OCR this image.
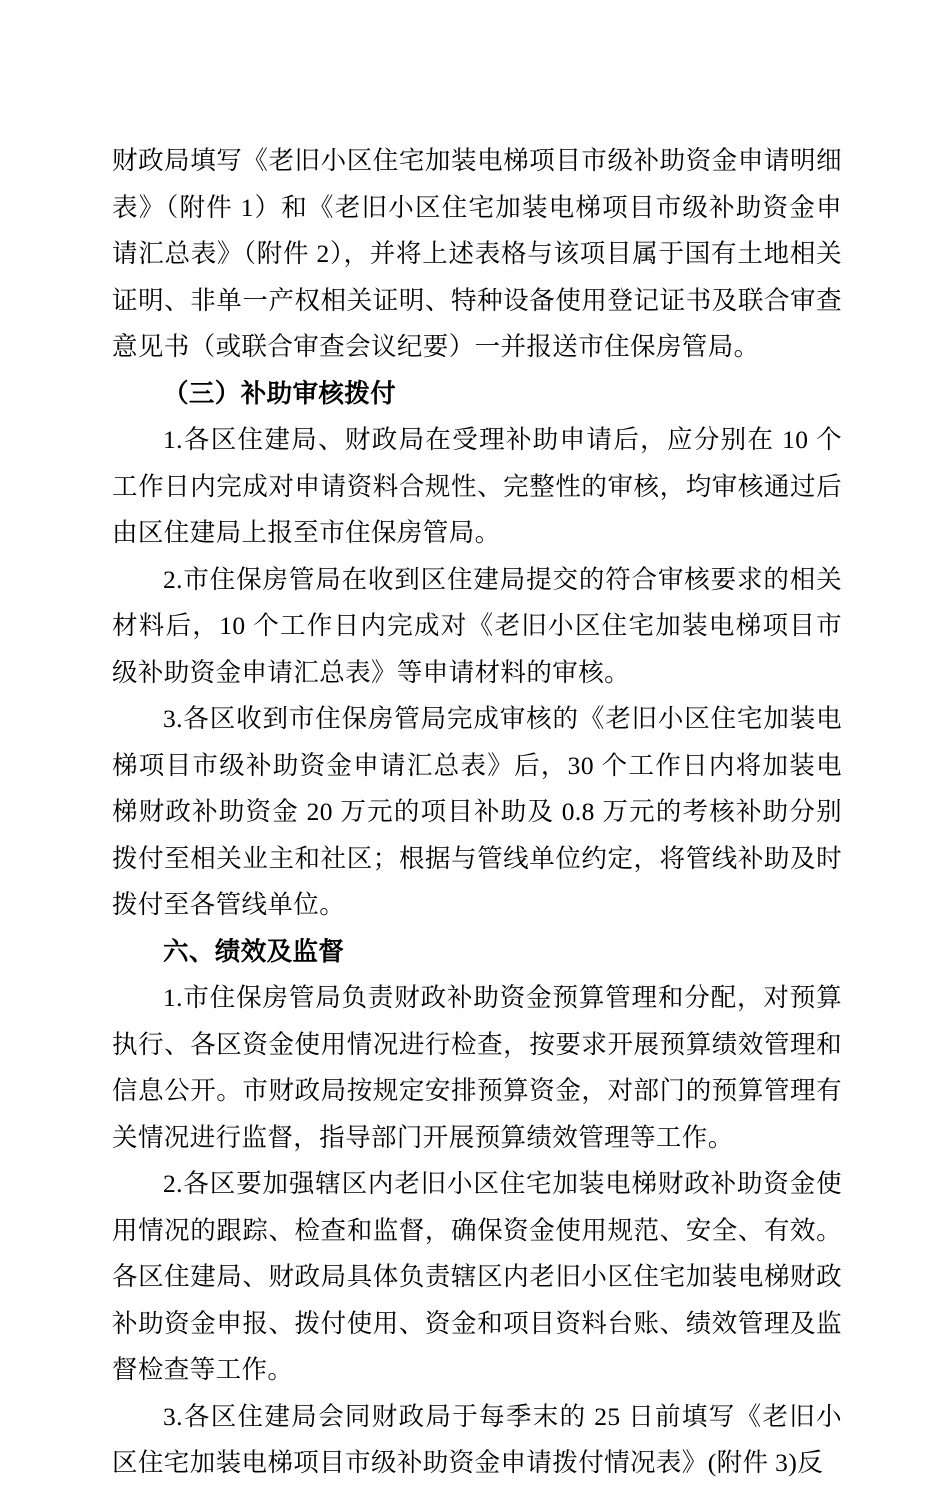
财政局填写《老旧小区住宅加装电梯项目市级补助资金申请明细表》（附件 1）和《老旧小区住宅加装电梯项目市级补助资金申请汇总表》（附件 2），并将上述表格与该项目属于国有土地相关证明、非单一产权相关证明、特种设备使用登记证书及联合审查意见书（或联合审查会议纪要）一并报送市住保房管局。

（三）补助审核拨付

1.各区住建局、财政局在受理补助申请后，应分别在 10 个工作日内完成对申请资料合规性、完整性的审核，均审核通过后由区住建局上报至市住保房管局。

2.市住保房管局在收到区住建局提交的符合审核要求的相关材料后，10 个工作日内完成对《老旧小区住宅加装电梯项目市级补助资金申请汇总表》等申请材料的审核。

3.各区收到市住保房管局完成审核的《老旧小区住宅加装电梯项目市级补助资金申请汇总表》后，30 个工作日内将加装电梯财政补助资金 20 万元的项目补助及 0.8 万元的考核补助分别拨付至相关业主和社区；根据与管线单位约定，将管线补助及时拨付至各管线单位。

六、绩效及监督

1.市住保房管局负责财政补助资金预算管理和分配，对预算执行、各区资金使用情况进行检查，按要求开展预算绩效管理和信息公开。市财政局按规定安排预算资金，对部门的预算管理有关情况进行监督，指导部门开展预算绩效管理等工作。

2.各区要加强辖区内老旧小区住宅加装电梯财政补助资金使用情况的跟踪、检查和监督，确保资金使用规范、安全、有效。各区住建局、财政局具体负责辖区内老旧小区住宅加装电梯财政补助资金申报、拨付使用、资金和项目资料台账、绩效管理及监督检查等工作。

3.各区住建局会同财政局于每季末的 25 日前填写《老旧小区住宅加装电梯项目市级补助资金申请拨付情况表》(附件 3)反
